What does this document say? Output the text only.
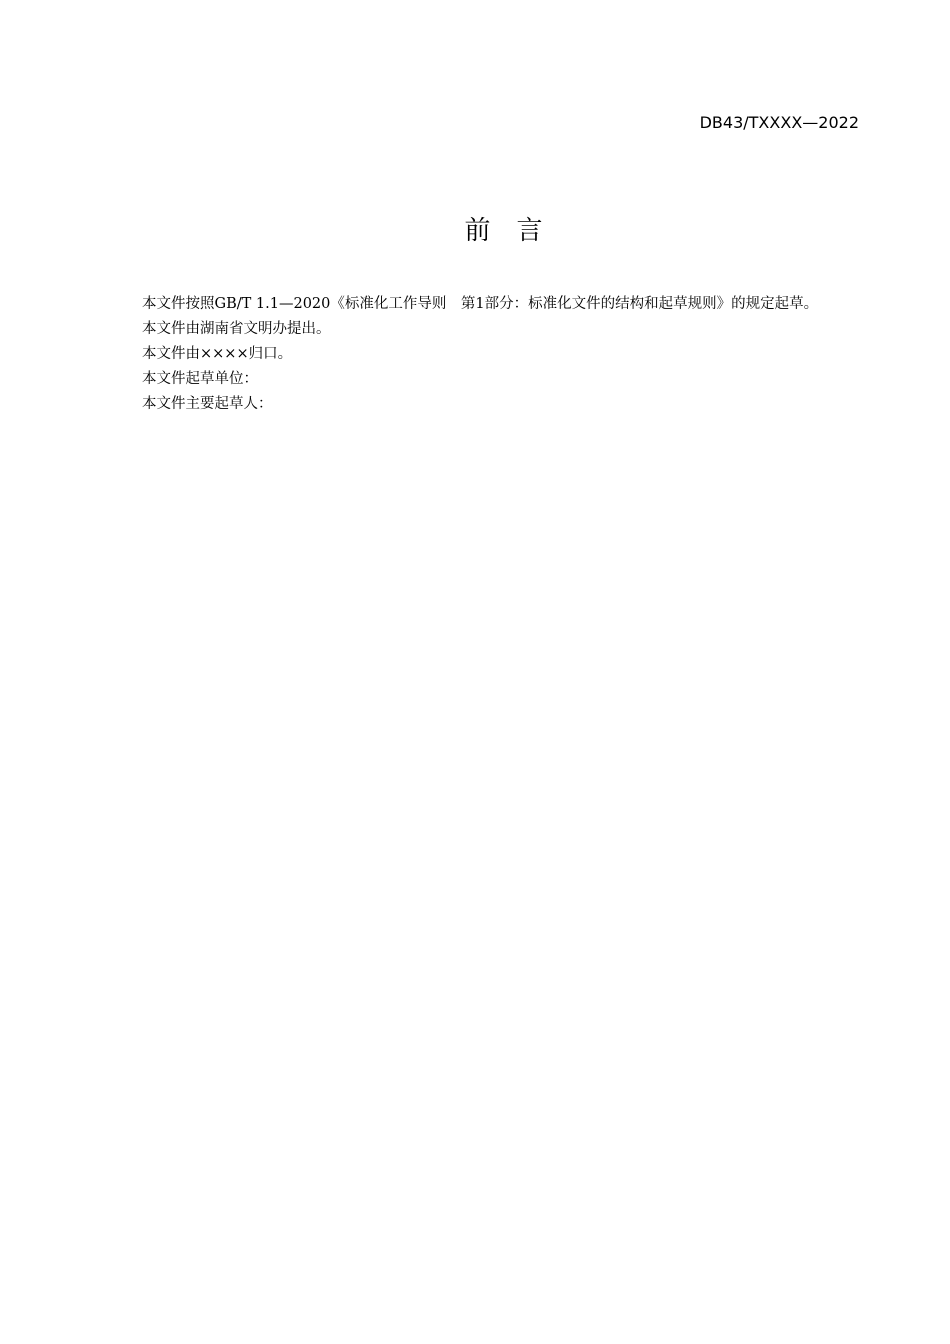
DB43/TXXXX—2022
前 言

本文件按照GB/T 1.1—2020《标准化工作导则　第1部分：标准化文件的结构和起草规则》的规定起草。

本文件由湖南省文明办提出。

本文件由××××归口。

本文件起草单位：

本文件主要起草人：
